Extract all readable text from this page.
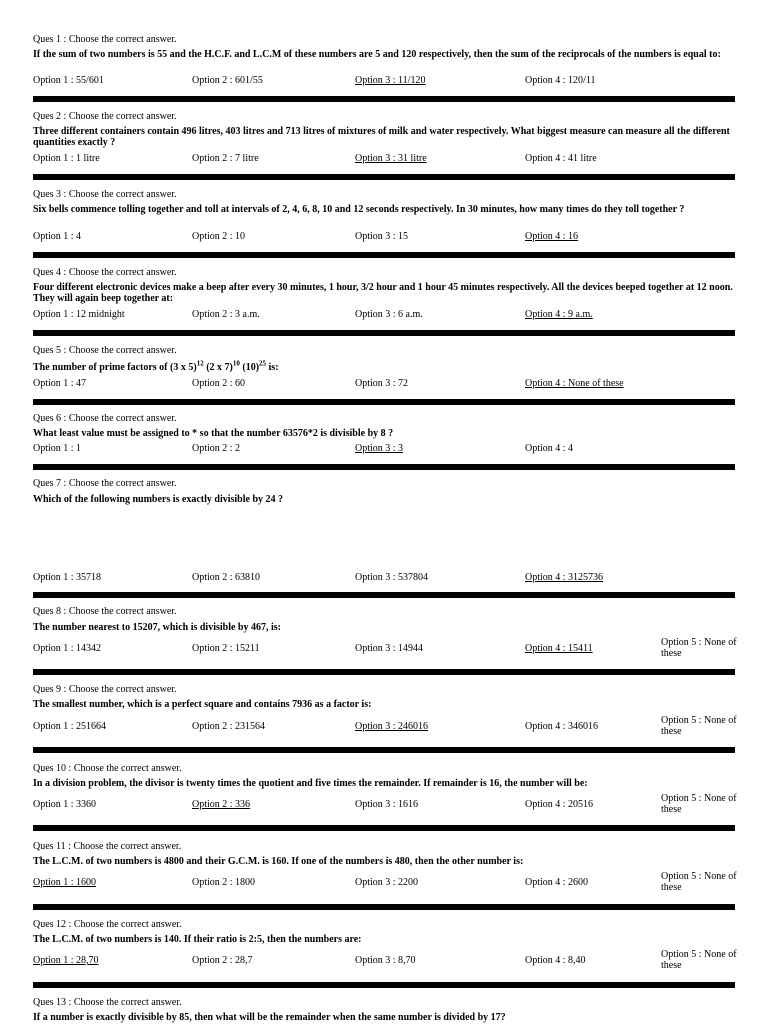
Ques 1 : Choose the correct answer.
If the sum of two numbers is 55 and the H.C.F. and L.C.M of these numbers are 5 and 120 respectively, then the sum of the reciprocals of the numbers is equal to:
Option 1 : 55/601	Option 2 : 601/55	Option 3 : 11/120	Option 4 : 120/11
Ques 2 : Choose the correct answer.
Three different containers contain 496 litres, 403 litres and 713 litres of mixtures of milk and water respectively. What biggest measure can measure all the different quantities exactly ?
Option 1 : 1 litre	Option 2 : 7 litre	Option 3 : 31 litre	Option 4 : 41 litre
Ques 3 : Choose the correct answer.
Six bells commence tolling together and toll at intervals of 2, 4, 6, 8, 10 and 12 seconds respectively. In 30 minutes, how many times do they toll together ?
Option 1 : 4	Option 2 : 10	Option 3 : 15	Option 4 : 16
Ques 4 : Choose the correct answer.
Four different electronic devices make a beep after every 30 minutes, 1 hour, 3/2 hour and 1 hour 45 minutes respectively. All the devices beeped together at 12 noon. They will again beep together at:
Option 1 : 12 midnight	Option 2 : 3 a.m.	Option 3 : 6 a.m.	Option 4 : 9 a.m.
Ques 5 : Choose the correct answer.
The number of prime factors of (3 x 5)$^{12}$ (2 x 7)$^{10}$ $(10)^{25}$ is:
Option 1 : 47	Option 2 : 60	Option 3 : 72	Option 4 : None of these
Ques 6 : Choose the correct answer.
What least value must be assigned to * so that the number 63576*2 is divisible by 8 ?
Option 1 : 1	Option 2 : 2	Option 3 : 3	Option 4 : 4
Ques 7 : Choose the correct answer.
Which of the following numbers is exactly divisible by 24 ?
Option 1 : 35718	Option 2 : 63810	Option 3 : 537804	Option 4 : 3125736
Ques 8 : Choose the correct answer.
The number nearest to 15207, which is divisible by 467, is:
Option 1 : 14342	Option 2 : 15211	Option 3 : 14944	Option 4 : 15411
Option 5 : None of these
Ques 9 : Choose the correct answer.
The smallest number, which is a perfect square and contains 7936 as a factor is:
Option 1 : 251664	Option 2 : 231564	Option 3 : 246016	Option 4 : 346016
Option 5 : None of these
Ques 10 : Choose the correct answer.
In a division problem, the divisor is twenty times the quotient and five times the remainder. If remainder is 16, the number will be:
Option 1 : 3360	Option 2 : 336	Option 3 : 1616	Option 4 : 20516
Option 5 : None of these
Ques 11 : Choose the correct answer.
The L.C.M. of two numbers is 4800 and their G.C.M. is 160. If one of the numbers is 480, then the other number is:
Option 1 : 1600	Option 2 : 1800	Option 3 : 2200	Option 4 : 2600
Option 5 : None of these
Ques 12 : Choose the correct answer.
The L.C.M. of two numbers is 140. If their ratio is 2:5, then the numbers are:
Option 1 : 28,70	Option 2 : 28,7	Option 3 : 8,70	Option 4 : 8,40
Option 5 : None of these
Ques 13 : Choose the correct answer.
If a number is exactly divisible by 85, then what will be the remainder when the same number is divided by 17?
